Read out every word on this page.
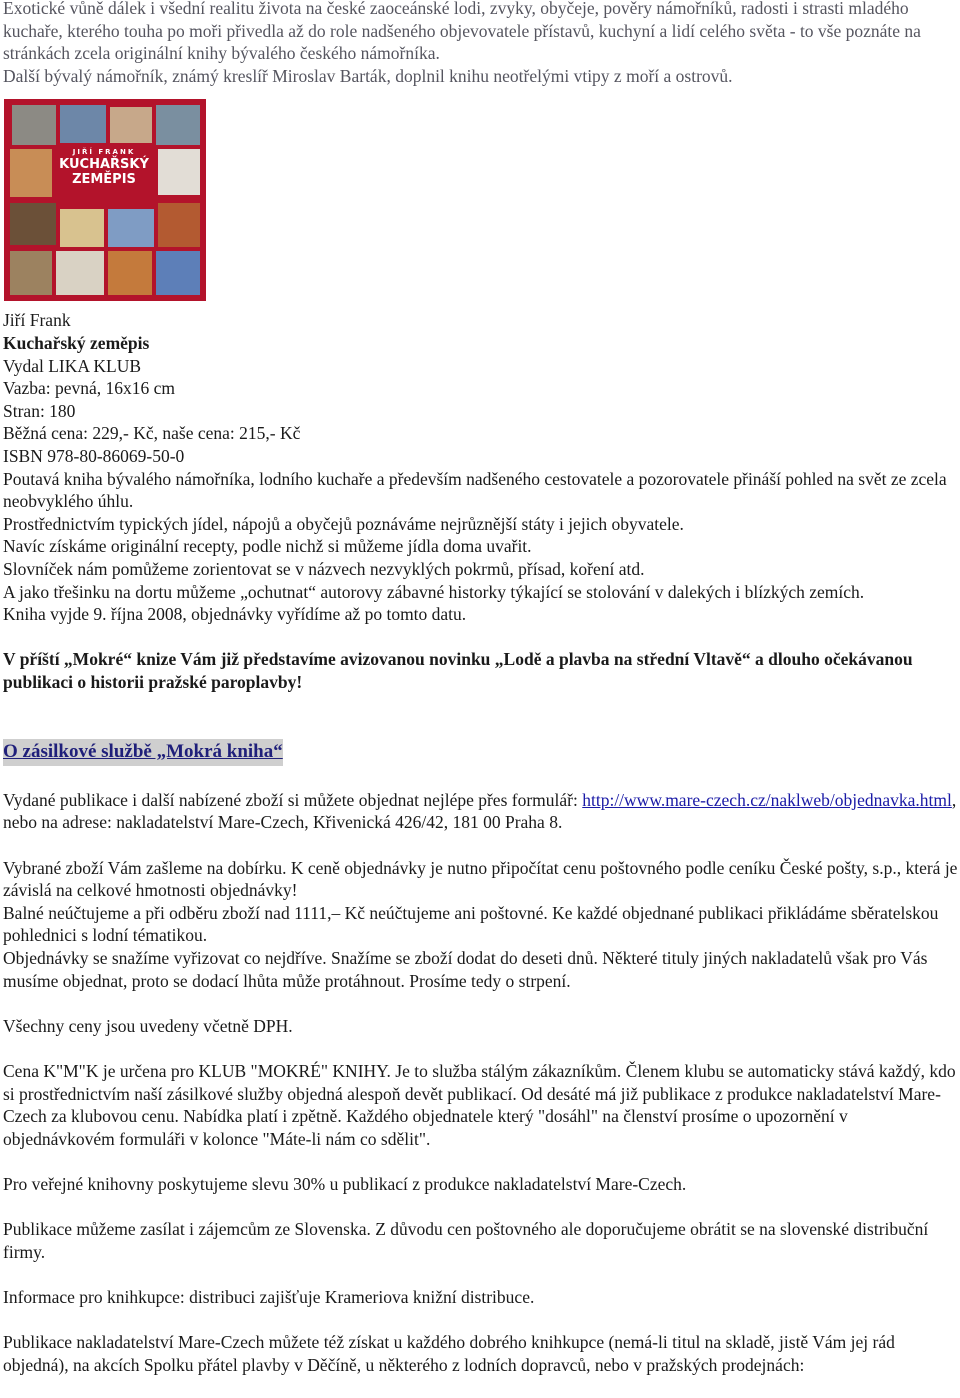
Exotické vůně dálek i všední realitu života na české zaoceánské lodi, zvyky, obyčeje, pověry námořníků, radosti i strasti mladého kuchaře, kterého touha po moři přivedla až do role nadšeného objevovatele přístavů, kuchyní a lidí celého světa - to vše poznáte na stránkách zcela originální knihy bývalého českého námořníka.

Další bývalý námořník, známý kreslíř Miroslav Barták, doplnil knihu neotřelými vtipy z moří a ostrovů.

JIŘÍ FRANK
KUCHAŘSKÝ
ZEMĚPIS

Jiří Frank

Kuchařský zeměpis

Vydal LIKA KLUB

Vazba: pevná, 16x16 cm

Stran: 180

Běžná cena: 229,- Kč, naše cena: 215,- Kč

ISBN 978-80-86069-50-0

Poutavá kniha bývalého námořníka, lodního kuchaře a především nadšeného cestovatele a pozorovatele přináší pohled na svět ze zcela neobvyklého úhlu.

Prostřednictvím typických jídel, nápojů a obyčejů poznáváme nejrůznější státy i jejich obyvatele.

Navíc získáme originální recepty, podle nichž si můžeme jídla doma uvařit.

Slovníček nám pomůžeme zorientovat se v názvech nezvyklých pokrmů, přísad, koření atd.

A jako třešinku na dortu můžeme „ochutnat“ autorovy zábavné historky týkající se stolování v dalekých i blízkých zemích.

Kniha vyjde 9. října 2008, objednávky vyřídíme až po tomto datu.

V příští „Mokré“ knize Vám již představíme avizovanou novinku „Lodě a plavba na střední Vltavě“ a dlouho očekávanou publikaci o historii pražské paroplavby!

O zásilkové službě „Mokrá kniha“

Vydané publikace i další nabízené zboží si můžete objednat nejlépe přes formulář: http://www.mare-czech.cz/naklweb/objednavka.html, nebo na adrese: nakladatelství Mare-Czech, Křivenická 426/42, 181 00 Praha 8.

Vybrané zboží Vám zašleme na dobírku. K ceně objednávky je nutno připočítat cenu poštovného podle ceníku České pošty, s.p., která je závislá na celkové hmotnosti objednávky!

Balné neúčtujeme a při odběru zboží nad 1111,– Kč neúčtujeme ani poštovné. Ke každé objednané publikaci přikládáme sběratelskou pohlednici s lodní tématikou.

Objednávky se snažíme vyřizovat co nejdříve. Snažíme se zboží dodat do deseti dnů. Některé tituly jiných nakladatelů však pro Vás musíme objednat, proto se dodací lhůta může protáhnout. Prosíme tedy o strpení.

Všechny ceny jsou uvedeny včetně DPH.

Cena K"M"K je určena pro KLUB "MOKRÉ" KNIHY. Je to služba stálým zákazníkům. Členem klubu se automaticky stává každý, kdo si prostřednictvím naší zásilkové služby objedná alespoň devět publikací. Od desáté má již publikace z produkce nakladatelství Mare-Czech za klubovou cenu. Nabídka platí i zpětně. Každého objednatele který "dosáhl" na členství prosíme o upozornění v objednávkovém formuláři v kolonce "Máte-li nám co sdělit".

Pro veřejné knihovny poskytujeme slevu 30% u publikací z produkce nakladatelství Mare-Czech.

Publikace můžeme zasílat i zájemcům ze Slovenska. Z důvodu cen poštovného ale doporučujeme obrátit se na slovenské distribuční firmy.

Informace pro knihkupce: distribuci zajišťuje Krameriova knižní distribuce.

Publikace nakladatelství Mare-Czech můžete též získat u každého dobrého knihkupce (nemá-li titul na skladě, jistě Vám jej rád objedná), na akcích Spolku přátel plavby v Děčíně, u některého z lodních dopravců, nebo v pražských prodejnách:
